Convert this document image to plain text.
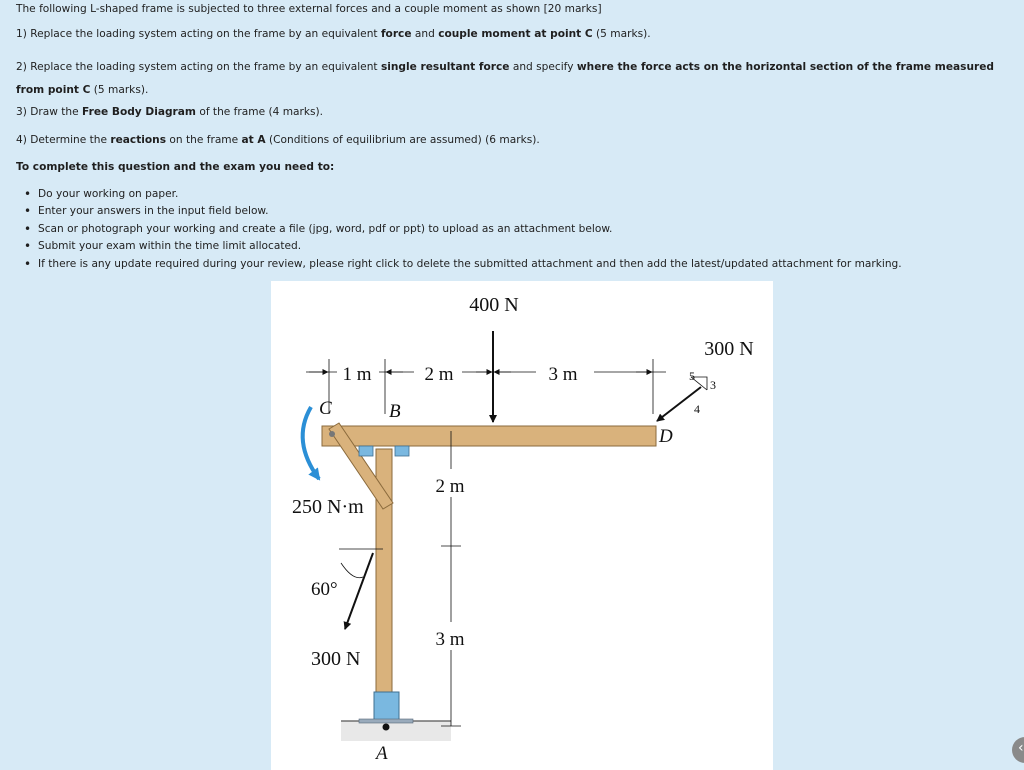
The following L-shaped frame is subjected to three external forces and a couple moment as shown [20 marks]

1) Replace the loading system acting on the frame by an equivalent force and couple moment at point C (5 marks).

2) Replace the loading system acting on the frame by an equivalent single resultant force and specify where the force acts on the horizontal section of the frame measured from point C (5 marks).

3) Draw the Free Body Diagram of the frame (4 marks).

4) Determine the reactions on the frame at A (Conditions of equilibrium are assumed) (6 marks).

To complete this question and the exam you need to:

• Do your working on paper.
• Enter your answers in the input field below.
• Scan or photograph your working and create a file (jpg, word, pdf or ppt) to upload as an attachment below.
• Submit your exam within the time limit allocated.
• If there is any update required during your review, please right click to delete the submitted attachment and then add the latest/updated attachment for marking.
1 m	2 m	3 m
400 N
300 N
5
3
4
C	B
D
A
250 N·m
2 m
3 m
60°
300 N
‹
